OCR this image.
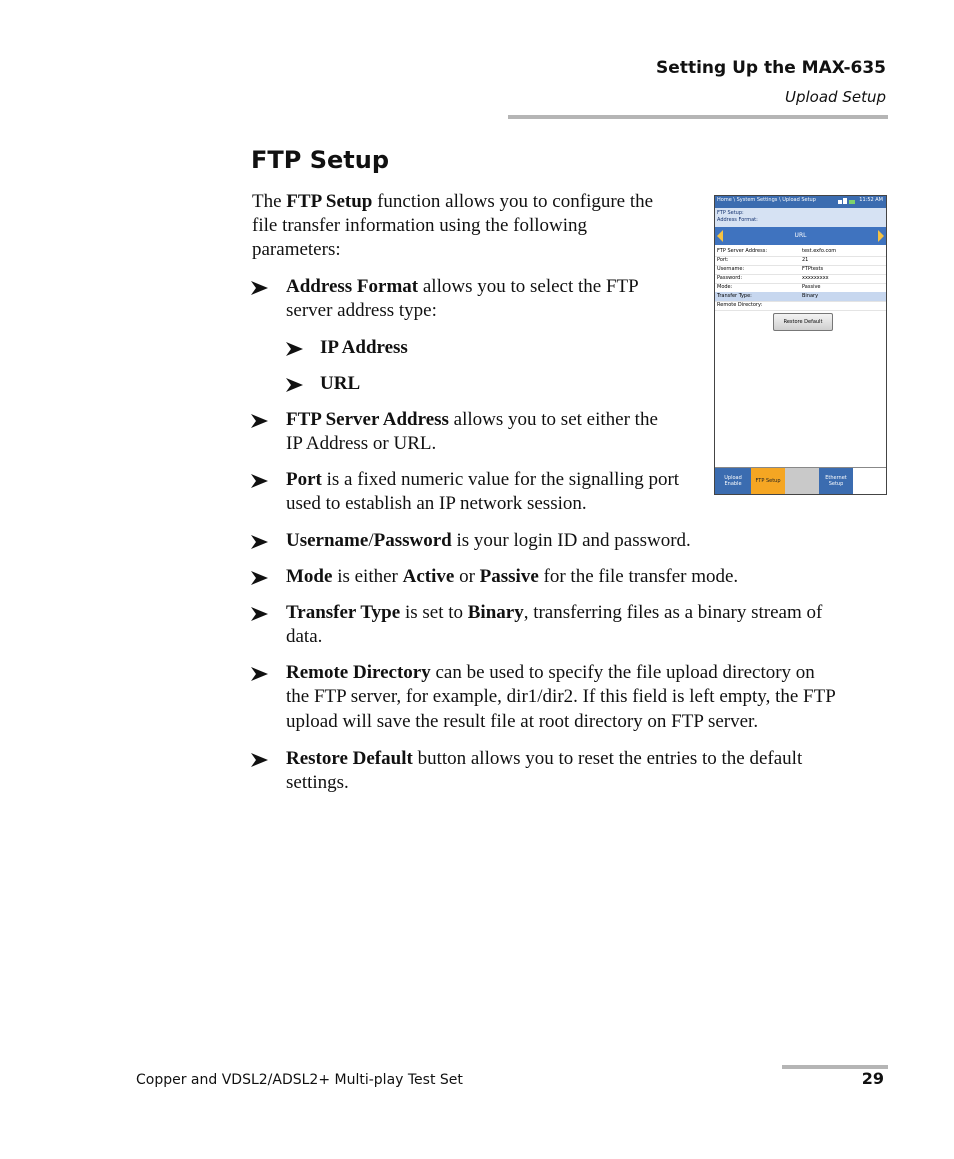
Setting Up the MAX-635
Upload Setup
FTP Setup

The FTP Setup function allows you to configure the

file transfer information using the following

parameters:

Address Format allows you to select the FTP

server address type:

IP Address

URL

FTP Server Address allows you to set either the

IP Address or URL.

Port is a fixed numeric value for the signalling port

used to establish an IP network session.

Username/Password is your login ID and password.

Mode is either Active or Passive for the file transfer mode.

Transfer Type is set to Binary, transferring files as a binary stream of

data.

Remote Directory can be used to specify the file upload directory on

the FTP server, for example, dir1/dir2. If this field is left empty, the FTP

upload will save the result file at root directory on FTP server.

Restore Default button allows you to reset the entries to the default

settings.

Home \ System Settings \ Upload Setup	11:52 AM
FTP Setup:
Address Format:
URL
FTP Server Address:	test.exfo.com
Port:	21
Username:	FTPtests
Password:	xxxxxxxxx
Mode:	Passive
Transfer Type:	Binary
Remote Directory:
Restore Default
Upload Enable	FTP Setup	Ethernet Setup
Copper and VDSL2/ADSL2+ Multi-play Test Set	29
